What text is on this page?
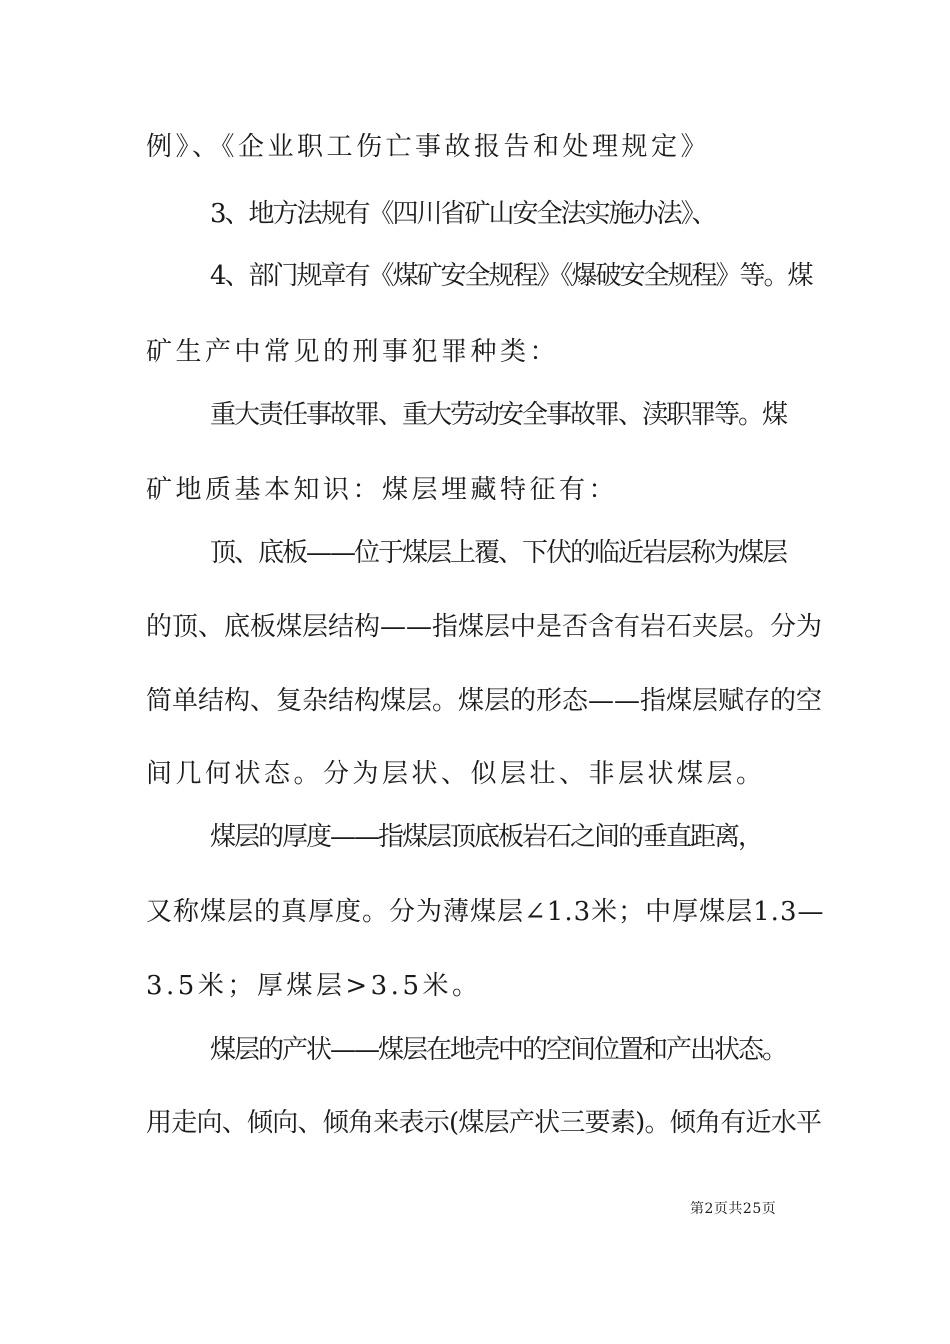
例》、《企业职工伤亡事故报告和处理规定》
3、地方法规有《四川省矿山安全法实施办法》、
4、部门规章有《煤矿安全规程》《爆破安全规程》等。煤
矿生产中常见的刑事犯罪种类：
重大责任事故罪、重大劳动安全事故罪、渎职罪等。煤
矿地质基本知识：煤层埋藏特征有：
顶、底板——位于煤层上覆、下伏的临近岩层称为煤层
的顶、底板煤层结构——指煤层中是否含有岩石夹层。分为
简单结构、复杂结构煤层。煤层的形态——指煤层赋存的空
间几何状态。分为层状、似层壮、非层状煤层。
煤层的厚度——指煤层顶底板岩石之间的垂直距离，
又称煤层的真厚度。分为薄煤层∠1.3米；中厚煤层1.3—
3.5米；厚煤层>3.5米。
煤层的产状——煤层在地壳中的空间位置和产出状态。
用走向、倾向、倾角来表示(煤层产状三要素)。倾角有近水平
第2页共25页
